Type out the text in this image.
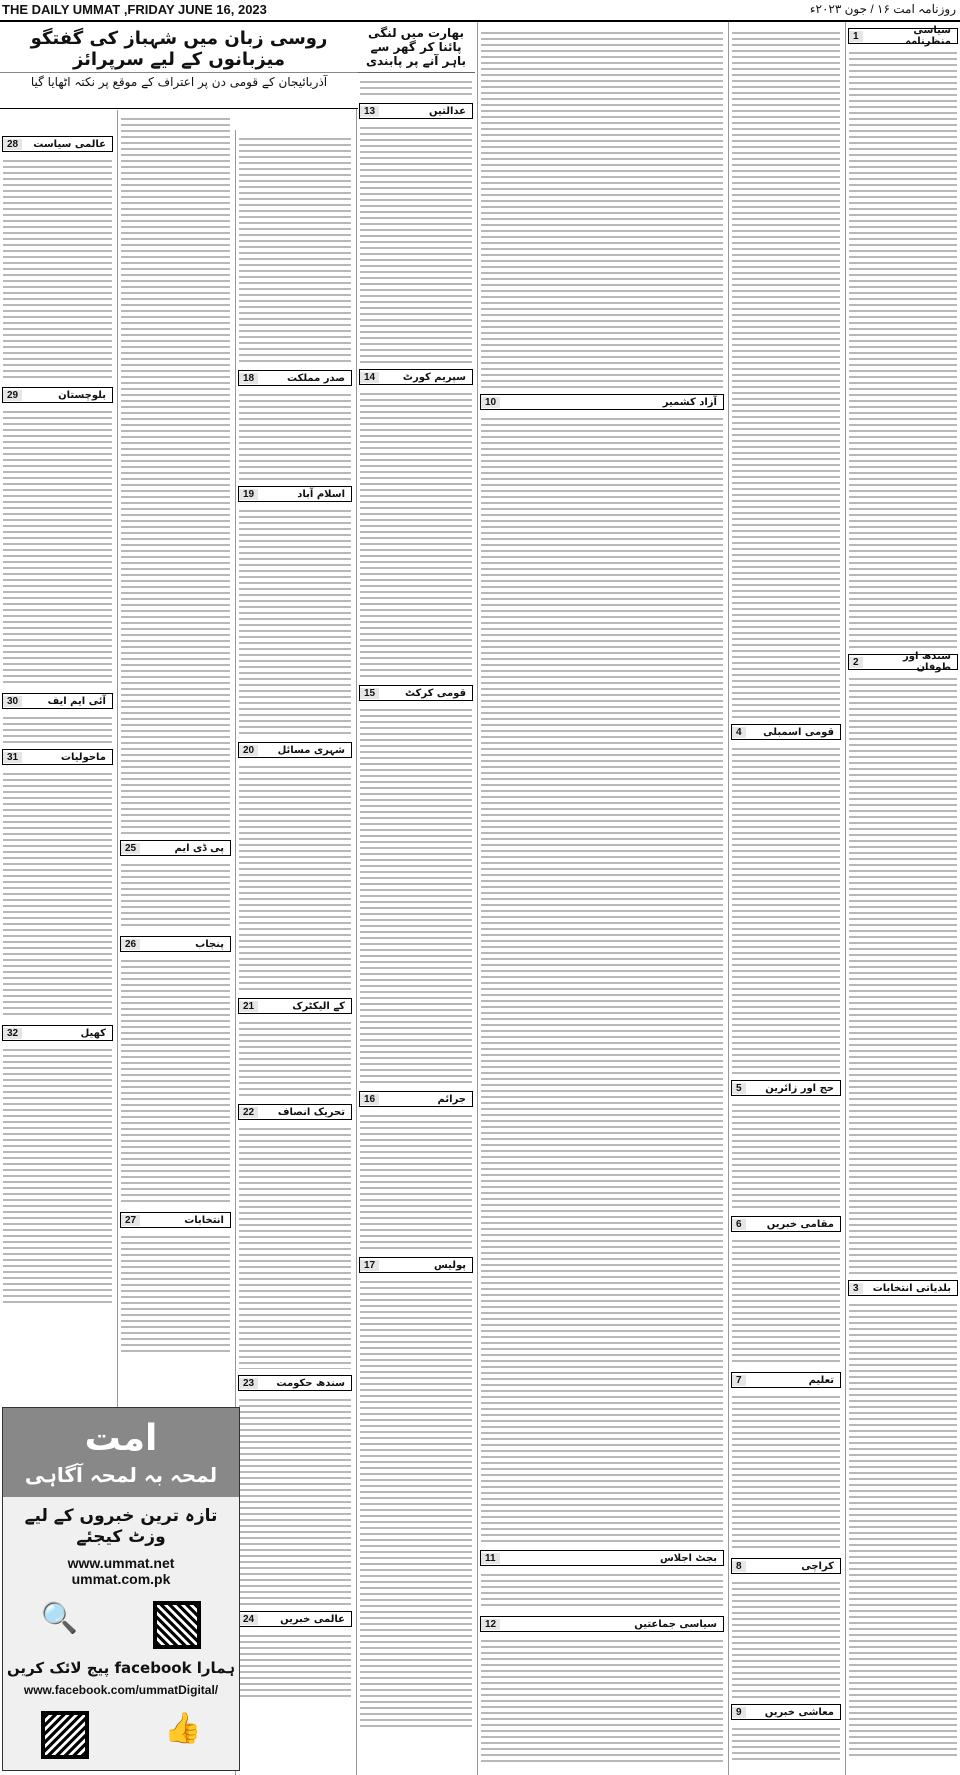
THE DAILY UMMAT ,FRIDAY JUNE 16, 2023	روزنامہ امت ۱۶ / جون ۲۰۲۳ء
سیاسی منظرنامہ
1
سندھ اور طوفان
2
بلدیاتی انتخابات
3
قومی اسمبلی
4
حج اور زائرین
5
مقامی خبریں
6
تعلیم
7
کراچی
8
معاشی خبریں
9
آزاد کشمیر
10
بجٹ اجلاس
11
سیاسی جماعتیں
12
بھارت میں لنگی پائنا کر گھر سے باہر آنے پر پابندی
عدالتیں
13
سپریم کورٹ
14
قومی کرکٹ
15
جرائم
16
پولیس
17
صدر مملکت
18
اسلام آباد
19
شہری مسائل
20
کے الیکٹرک
21
تحریک انصاف
22
سندھ حکومت
23
عالمی خبریں
24
پی ڈی ایم
25
پنجاب
26
انتخابات
27
عالمی سیاست
28
بلوچستان
29
آئی ایم ایف
30
ماحولیات
31
کھیل
32
روسی زبان میں شہباز کی گفتگو میزبانوں کے لیے سرپرائز
آذربائیجان کے قومی دن پر اعتراف کے موقع پر نکتہ اٹھایا گیا
امت
لمحہ بہ لمحہ آگاہی
تازہ ترین خبروں کے لیے وزٹ کیجئے
www.ummat.net
ummat.com.pk
🔍
ہمارا facebook پیج لائک کریں
www.facebook.com/ummatDigital/
👍
